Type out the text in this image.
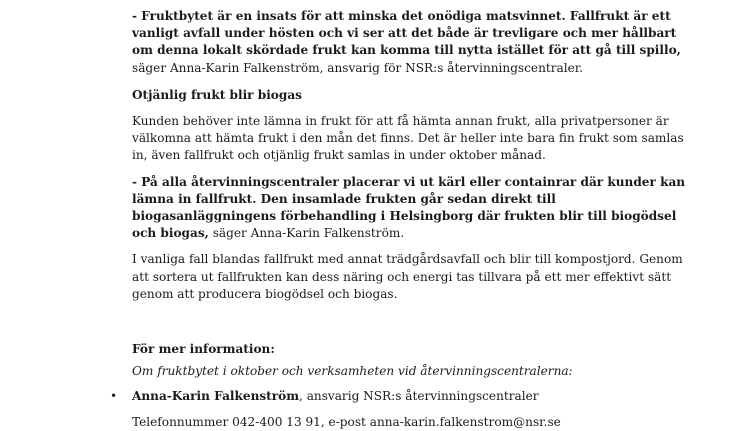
- Fruktbytet är en insats för att minska det onödiga matsvinnet. Fallfrukt är ett vanligt avfall under hösten och vi ser att det både är trevligare och mer hållbart om denna lokalt skördade frukt kan komma till nytta istället för att gå till spillo, säger Anna-Karin Falkenström, ansvarig för NSR:s återvinningscentraler.

Otjänlig frukt blir biogas

Kunden behöver inte lämna in frukt för att få hämta annan frukt, alla privatpersoner är välkomna att hämta frukt i den mån det finns. Det är heller inte bara fin frukt som samlas in, även fallfrukt och otjänlig frukt samlas in under oktober månad.

- På alla återvinningscentraler placerar vi ut kärl eller containrar där kunder kan lämna in fallfrukt. Den insamlade frukten går sedan direkt till biogasanläggningens förbehandling i Helsingborg där frukten blir till biogödsel och biogas, säger Anna-Karin Falkenström.

I vanliga fall blandas fallfrukt med annat trädgårdsavfall och blir till kompostjord. Genom att sortera ut fallfrukten kan dess näring och energi tas tillvara på ett mer effektivt sätt genom att producera biogödsel och biogas.

För mer information:

Om fruktbytet i oktober och verksamheten vid återvinningscentralerna:

• Anna-Karin Falkenström, ansvarig NSR:s återvinningscentraler

Telefonnummer 042-400 13 91, e-post anna-karin.falkenstrom@nsr.se
